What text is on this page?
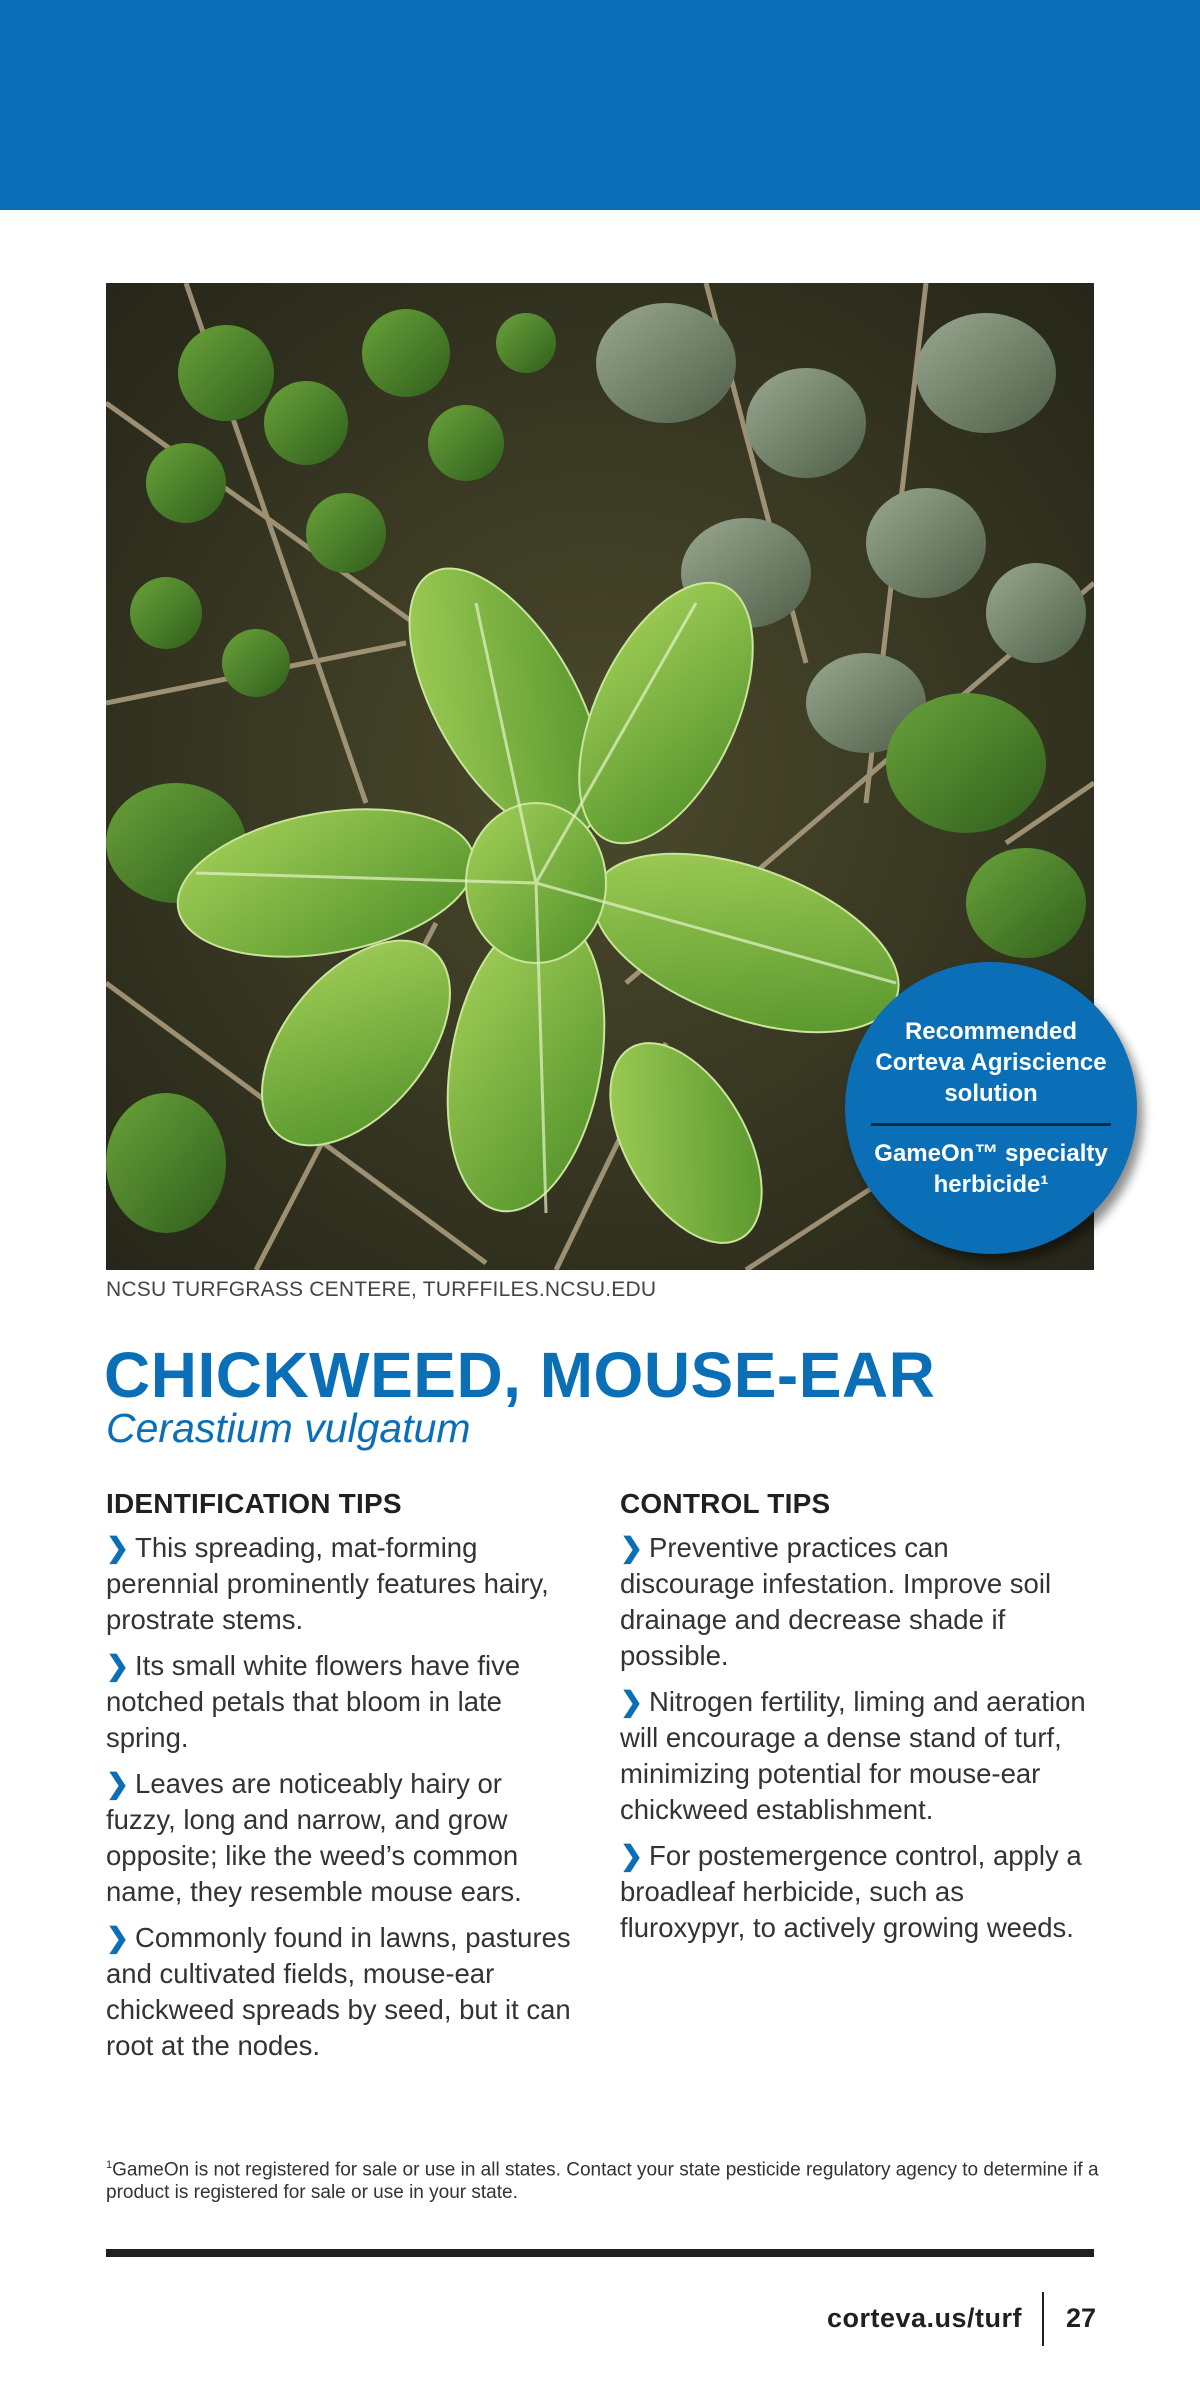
Recommended
Corteva Agriscience
solution
GameOn™ specialty
herbicide¹
NCSU TURFGRASS CENTERE, TURFFILES.NCSU.EDU
CHICKWEED, MOUSE-EAR
Cerastium vulgatum
IDENTIFICATION TIPS

❯ This spreading, mat-forming perennial prominently features hairy, prostrate stems.

❯ Its small white flowers have five notched petals that bloom in late spring.

❯ Leaves are noticeably hairy or fuzzy, long and narrow, and grow opposite; like the weed’s common name, they resemble mouse ears.

❯ Commonly found in lawns, pastures and cultivated fields, mouse-ear chickweed spreads by seed, but it can root at the nodes.

CONTROL TIPS

❯ Preventive practices can discourage infestation. Improve soil drainage and decrease shade if possible.

❯ Nitrogen fertility, liming and aeration will encourage a dense stand of turf, minimizing potential for mouse-ear chickweed establishment.

❯ For postemergence control, apply a broadleaf herbicide, such as fluroxypyr, to actively growing weeds.

$^1$GameOn is not registered for sale or use in all states. Contact your state pesticide regulatory agency to determine if a product is registered for sale or use in your state.
corteva.us/turf 27
